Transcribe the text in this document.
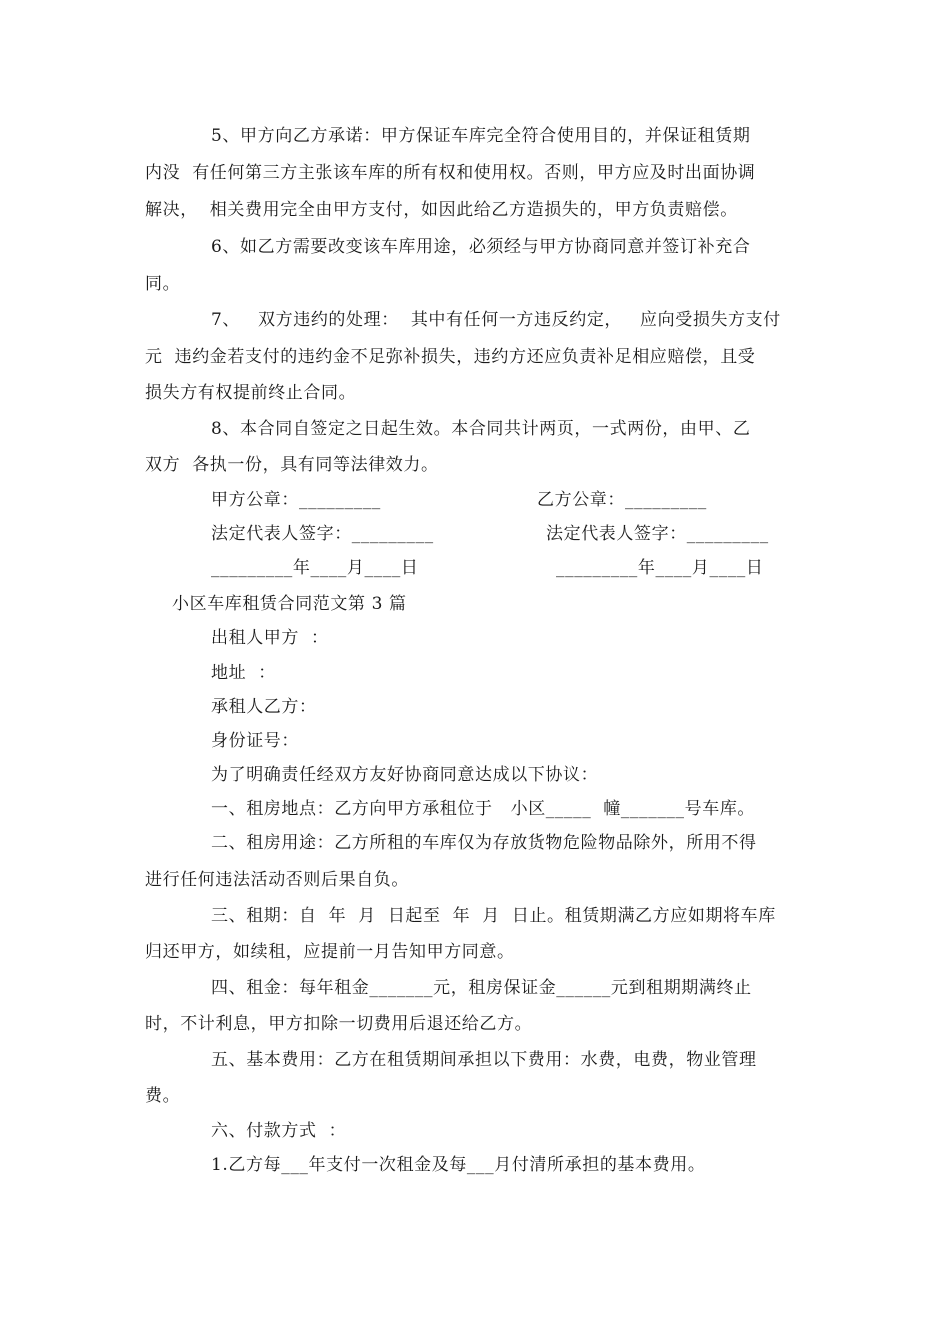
5、甲方向乙方承诺：甲方保证车库完全符合使用目的，并保证租赁期
内没  有任何第三方主张该车库的所有权和使用权。否则，甲方应及时出面协调
解决，  相关费用完全由甲方支付，如因此给乙方造损失的，甲方负责赔偿。
6、如乙方需要改变该车库用途，必须经与甲方协商同意并签订补充合
同。
7、   双方违约的处理：  其中有任何一方违反约定，   应向受损失方支付
元  违约金若支付的违约金不足弥补损失，违约方还应负责补足相应赔偿，且受
损失方有权提前终止合同。
8、本合同自签定之日起生效。本合同共计两页，一式两份，由甲、乙
双方  各执一份，具有同等法律效力。
甲方公章：_________	乙方公章：_________
法定代表人签字：_________	法定代表人签字：_________
_________年____月____日	_________年____月____日
小区车库租赁合同范文第 3 篇
出租人甲方  ：
地址  ：
承租人乙方：
身份证号：
为了明确责任经双方友好协商同意达成以下协议：
一、租房地点：乙方向甲方承租位于   小区_____  幢_______号车库。
二、租房用途：乙方所租的车库仅为存放货物危险物品除外，所用不得
进行任何违法活动否则后果自负。
三、租期：自  年  月  日起至  年  月  日止。租赁期满乙方应如期将车库
归还甲方，如续租，应提前一月告知甲方同意。
四、租金：每年租金_______元，租房保证金______元到租期期满终止
时，不计利息，甲方扣除一切费用后退还给乙方。
五、基本费用：乙方在租赁期间承担以下费用：水费，电费，物业管理
费。
六、付款方式  ：
1.乙方每___年支付一次租金及每___月付清所承担的基本费用。
